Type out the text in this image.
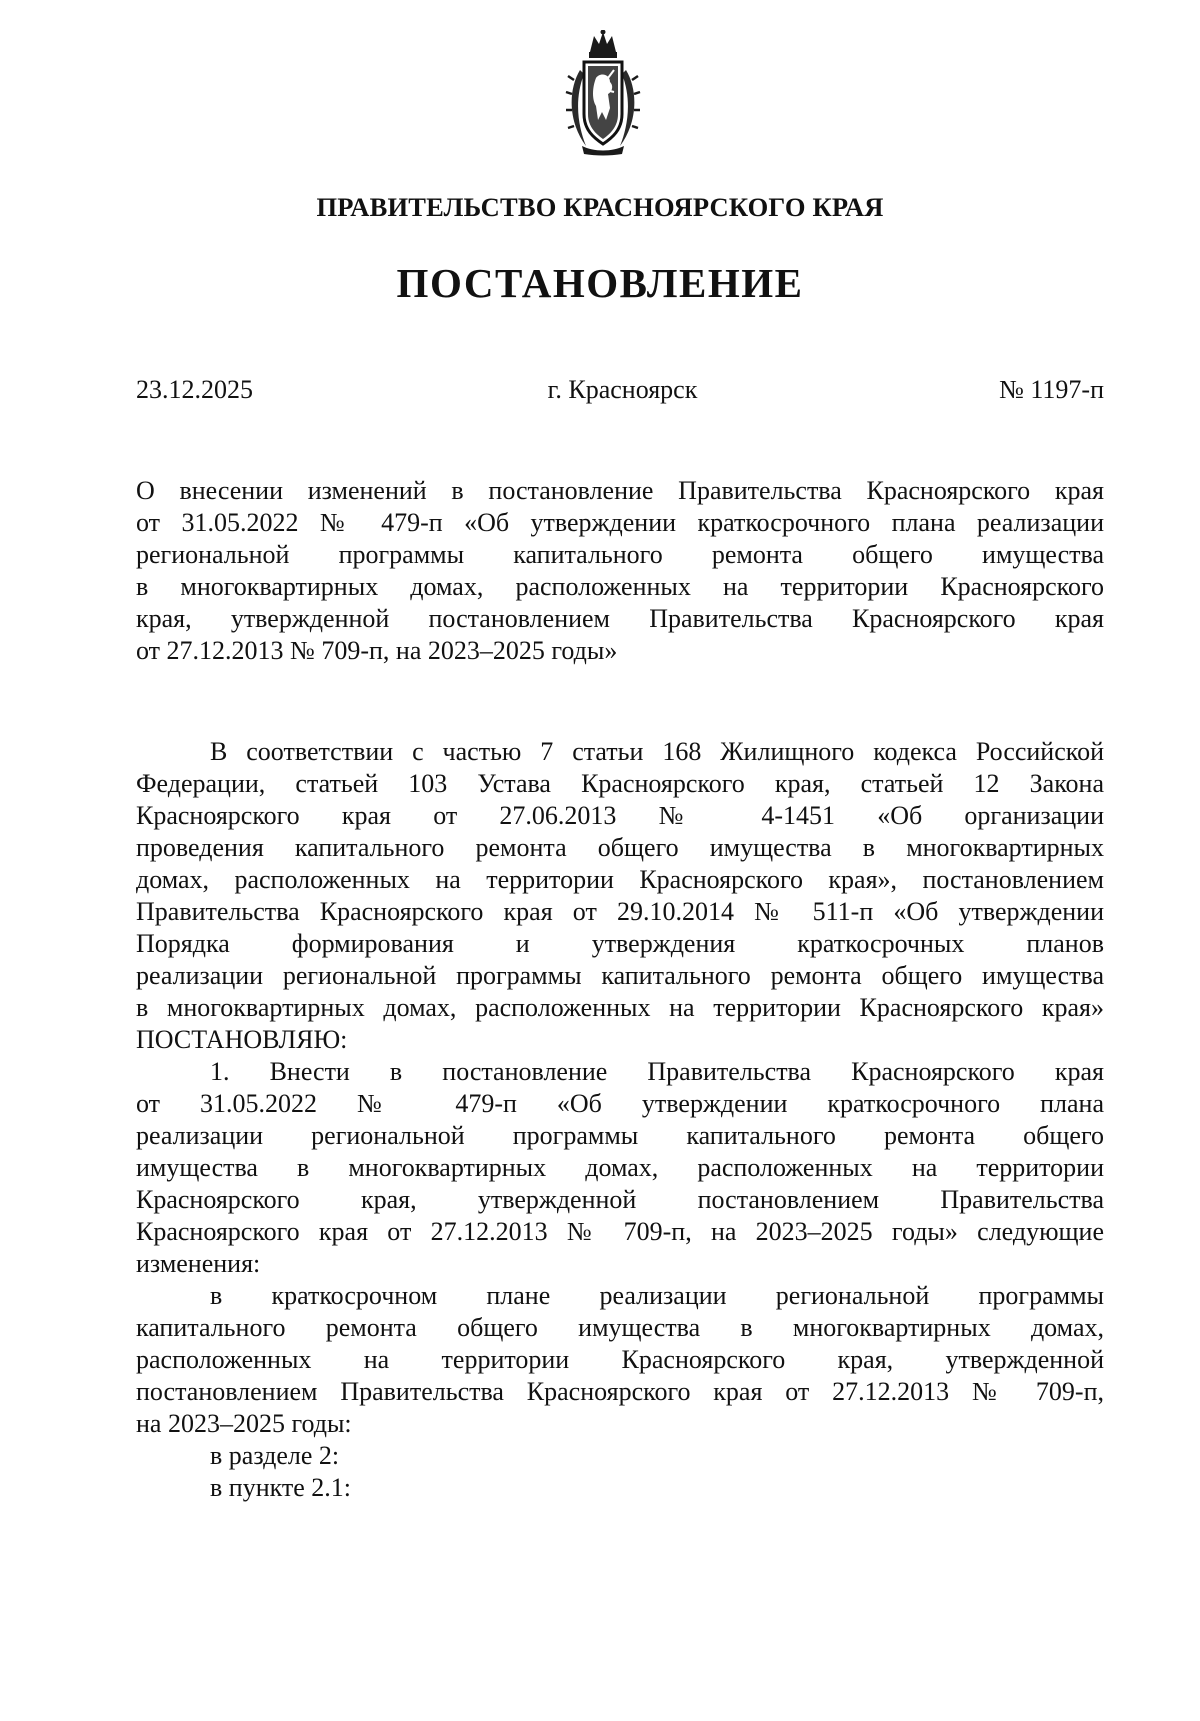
ПРАВИТЕЛЬСТВО КРАСНОЯРСКОГО КРАЯ
ПОСТАНОВЛЕНИЕ
23.12.2025	г. Красноярск	№ 1197-п
О внесении изменений в постановление Правительства Красноярского края
от 31.05.2022 № 479-п «Об утверждении краткосрочного плана реализации
региональной программы капитального ремонта общего имущества
в многоквартирных домах, расположенных на территории Красноярского
края, утвержденной постановлением Правительства Красноярского края
от 27.12.2013 № 709-п, на 2023–2025 годы»
В соответствии с частью 7 статьи 168 Жилищного кодекса Российской
Федерации, статьей 103 Устава Красноярского края, статьей 12 Закона
Красноярского края от 27.06.2013 № 4-1451 «Об организации
проведения капитального ремонта общего имущества в многоквартирных
домах, расположенных на территории Красноярского края», постановлением
Правительства Красноярского края от 29.10.2014 № 511-п «Об утверждении
Порядка формирования и утверждения краткосрочных планов
реализации региональной программы капитального ремонта общего имущества
в многоквартирных домах, расположенных на территории Красноярского края»
ПОСТАНОВЛЯЮ:
1. Внести в постановление Правительства Красноярского края
от 31.05.2022 № 479-п «Об утверждении краткосрочного плана
реализации региональной программы капитального ремонта общего
имущества в многоквартирных домах, расположенных на территории
Красноярского края, утвержденной постановлением Правительства
Красноярского края от 27.12.2013 № 709-п, на 2023–2025 годы» следующие
изменения:
в краткосрочном плане реализации региональной программы
капитального ремонта общего имущества в многоквартирных домах,
расположенных на территории Красноярского края, утвержденной
постановлением Правительства Красноярского края от 27.12.2013 № 709-п,
на 2023–2025 годы:
в разделе 2:
в пункте 2.1:
